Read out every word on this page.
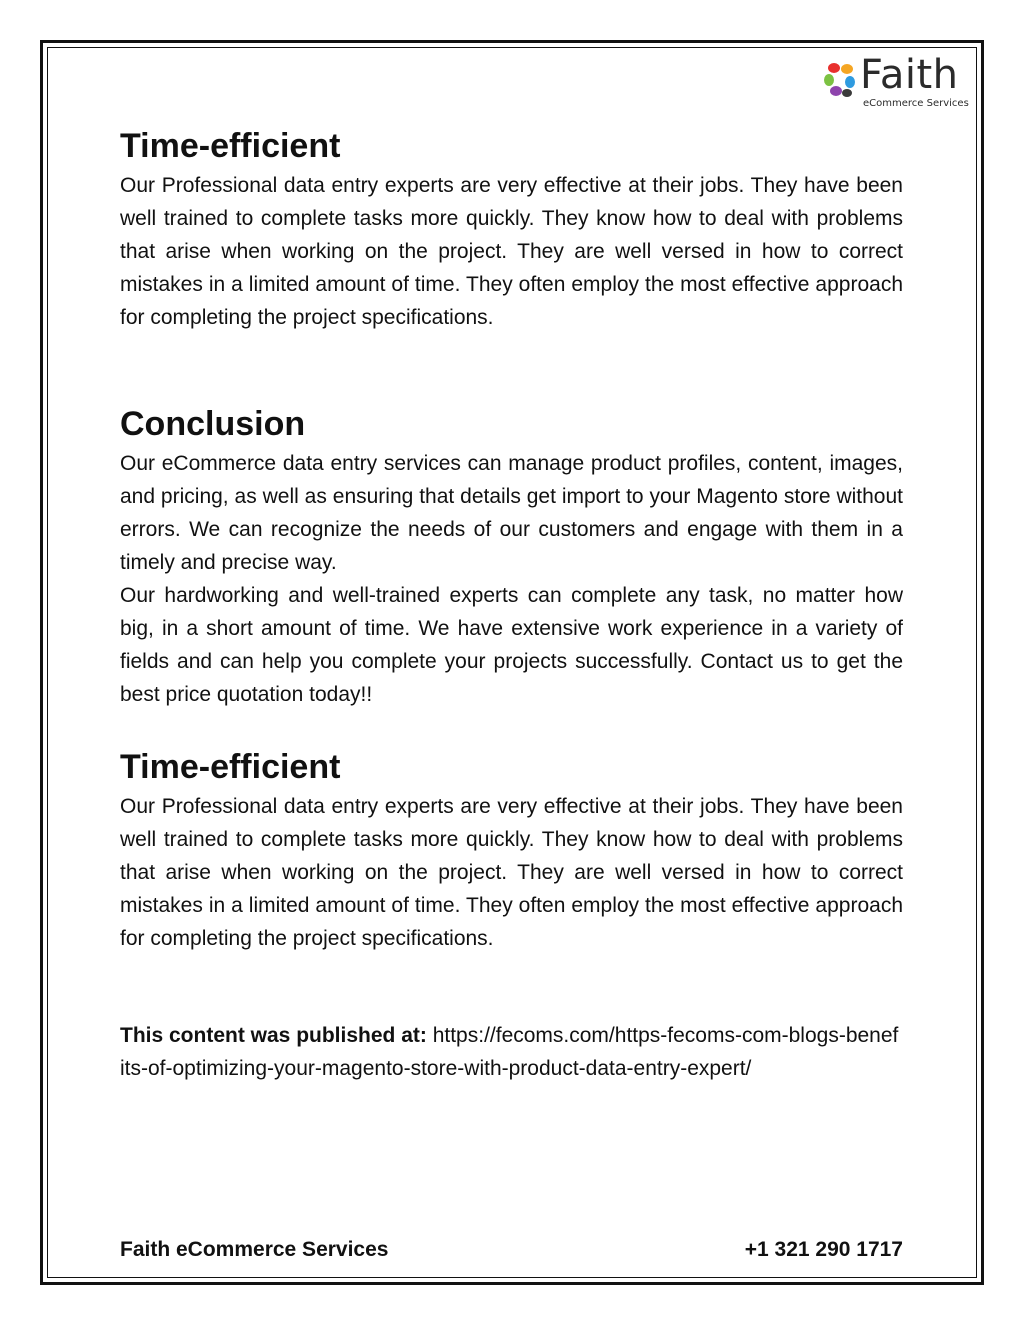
Faith
eCommerce Services
Time-efficient

Our Professional data entry experts are very effective at their jobs. They have been well trained to complete tasks more quickly. They know how to deal with problems that arise when working on the project. They are well versed in how to correct mistakes in a limited amount of time. They often employ the most effective approach for completing the project specifications.

Conclusion

Our eCommerce data entry services can manage product profiles, content, images, and pricing, as well as ensuring that details get import to your Magento store without errors. We can recognize the needs of our customers and engage with them in a timely and precise way.

Our hardworking and well-trained experts can complete any task, no matter how big, in a short amount of time. We have extensive work experience in a variety of fields and can help you complete your projects successfully. Contact us to get the best price quotation today!!

Time-efficient

Our Professional data entry experts are very effective at their jobs. They have been well trained to complete tasks more quickly. They know how to deal with problems that arise when working on the project. They are well versed in how to correct mistakes in a limited amount of time. They often employ the most effective approach for completing the project specifications.

This content was published at: https://fecoms.com/https-fecoms-com-blogs-benefits-of-optimizing-your-magento-store-with-product-data-entry-expert/
Faith eCommerce Services	+1 321 290 1717
